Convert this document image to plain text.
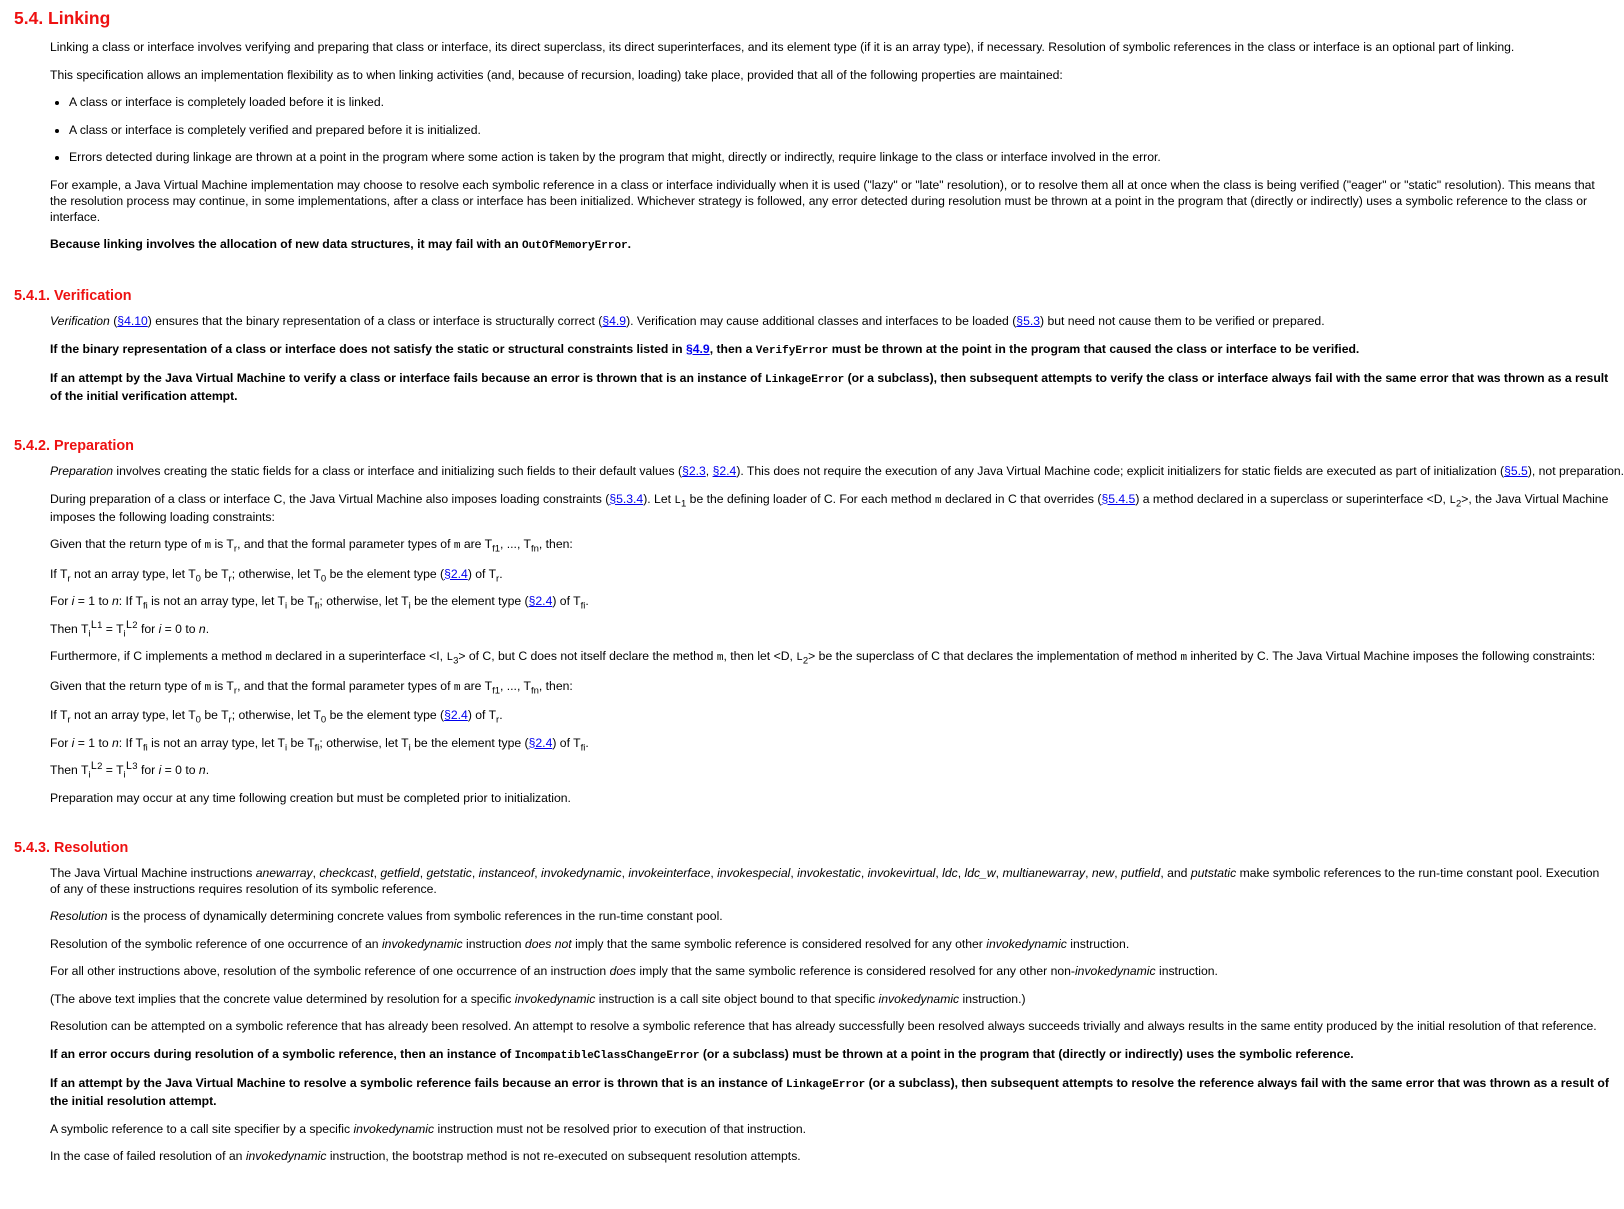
5.4. Linking

Linking a class or interface involves verifying and preparing that class or interface, its direct superclass, its direct superinterfaces, and its element type (if it is an array type), if necessary. Resolution of symbolic references in the class or interface is an optional part of linking.

This specification allows an implementation flexibility as to when linking activities (and, because of recursion, loading) take place, provided that all of the following properties are maintained:

• A class or interface is completely loaded before it is linked.
• A class or interface is completely verified and prepared before it is initialized.
• Errors detected during linkage are thrown at a point in the program where some action is taken by the program that might, directly or indirectly, require linkage to the class or interface involved in the error.

For example, a Java Virtual Machine implementation may choose to resolve each symbolic reference in a class or interface individually when it is used ("lazy" or "late" resolution), or to resolve them all at once when the class is being verified ("eager" or "static" resolution). This means that the resolution process may continue, in some implementations, after a class or interface has been initialized. Whichever strategy is followed, any error detected during resolution must be thrown at a point in the program that (directly or indirectly) uses a symbolic reference to the class or interface.

Because linking involves the allocation of new data structures, it may fail with an OutOfMemoryError.

5.4.1. Verification

Verification (§4.10) ensures that the binary representation of a class or interface is structurally correct (§4.9). Verification may cause additional classes and interfaces to be loaded (§5.3) but need not cause them to be verified or prepared.

If the binary representation of a class or interface does not satisfy the static or structural constraints listed in §4.9, then a VerifyError must be thrown at the point in the program that caused the class or interface to be verified.

If an attempt by the Java Virtual Machine to verify a class or interface fails because an error is thrown that is an instance of LinkageError (or a subclass), then subsequent attempts to verify the class or interface always fail with the same error that was thrown as a result of the initial verification attempt.

5.4.2. Preparation

Preparation involves creating the static fields for a class or interface and initializing such fields to their default values (§2.3, §2.4). This does not require the execution of any Java Virtual Machine code; explicit initializers for static fields are executed as part of initialization (§5.5), not preparation.

During preparation of a class or interface C, the Java Virtual Machine also imposes loading constraints (§5.3.4). Let $L_1$ be the defining loader of C. For each method m declared in C that overrides (§5.4.5) a method declared in a superclass or superinterface <D, $L_2>$, the Java Virtual Machine imposes the following loading constraints:

Given that the return type of m is $T_r$, and that the formal parameter types of m are $T_{f1}$, ..., $T_{fn}$, then:

If $T_r$ not an array type, let $T_0$ be $T_r$; otherwise, let $T_0$ be the element type (§2.4) of $T_r$.

For i = 1 to n: If $T_{fi}$ is not an array type, let $T_i$ be $T_{fi}$; otherwise, let $T_i$ be the element type (§2.4) of $T_{fi}$.

Then $T_i^{L1} = T_i^{L2}$ for i = 0 to n.

Furthermore, if C implements a method m declared in a superinterface <I, $L_3>$ of C, but C does not itself declare the method m, then let <D, $L_2>$ be the superclass of C that declares the implementation of method m inherited by C. The Java Virtual Machine imposes the following constraints:

Given that the return type of m is $T_r$, and that the formal parameter types of m are $T_{f1}$, ..., $T_{fn}$, then:

If $T_r$ not an array type, let $T_0$ be $T_r$; otherwise, let $T_0$ be the element type (§2.4) of $T_r$.

For i = 1 to n: If $T_{fi}$ is not an array type, let $T_i$ be $T_{fi}$; otherwise, let $T_i$ be the element type (§2.4) of $T_{fi}$.

Then $T_i^{L2} = T_i^{L3}$ for i = 0 to n.

Preparation may occur at any time following creation but must be completed prior to initialization.

5.4.3. Resolution

The Java Virtual Machine instructions anewarray, checkcast, getfield, getstatic, instanceof, invokedynamic, invokeinterface, invokespecial, invokestatic, invokevirtual, ldc, ldc_w, multianewarray, new, putfield, and putstatic make symbolic references to the run-time constant pool. Execution of any of these instructions requires resolution of its symbolic reference.

Resolution is the process of dynamically determining concrete values from symbolic references in the run-time constant pool.

Resolution of the symbolic reference of one occurrence of an invokedynamic instruction does not imply that the same symbolic reference is considered resolved for any other invokedynamic instruction.

For all other instructions above, resolution of the symbolic reference of one occurrence of an instruction does imply that the same symbolic reference is considered resolved for any other non-invokedynamic instruction.

(The above text implies that the concrete value determined by resolution for a specific invokedynamic instruction is a call site object bound to that specific invokedynamic instruction.)

Resolution can be attempted on a symbolic reference that has already been resolved. An attempt to resolve a symbolic reference that has already successfully been resolved always succeeds trivially and always results in the same entity produced by the initial resolution of that reference.

If an error occurs during resolution of a symbolic reference, then an instance of IncompatibleClassChangeError (or a subclass) must be thrown at a point in the program that (directly or indirectly) uses the symbolic reference.

If an attempt by the Java Virtual Machine to resolve a symbolic reference fails because an error is thrown that is an instance of LinkageError (or a subclass), then subsequent attempts to resolve the reference always fail with the same error that was thrown as a result of the initial resolution attempt.

A symbolic reference to a call site specifier by a specific invokedynamic instruction must not be resolved prior to execution of that instruction.

In the case of failed resolution of an invokedynamic instruction, the bootstrap method is not re-executed on subsequent resolution attempts.
